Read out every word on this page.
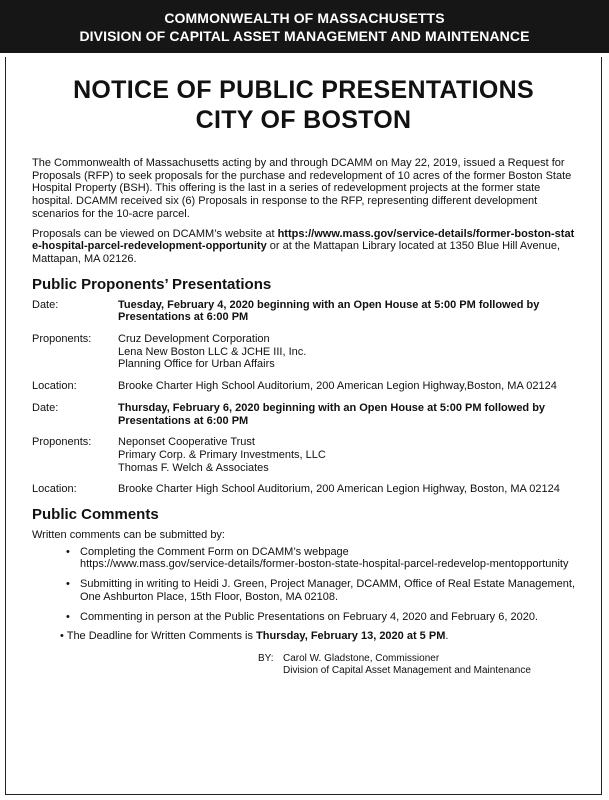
COMMONWEALTH OF MASSACHUSETTS
DIVISION OF CAPITAL ASSET MANAGEMENT AND MAINTENANCE
NOTICE OF PUBLIC PRESENTATIONS
CITY OF BOSTON

The Commonwealth of Massachusetts acting by and through DCAMM on May 22, 2019, issued a Request for Proposals (RFP) to seek proposals for the purchase and redevelopment of 10 acres of the former Boston State Hospital Property (BSH). This offering is the last in a series of redevelopment projects at the former state hospital. DCAMM received six (6) Proposals in response to the RFP, representing different development scenarios for the 10-acre parcel.

Proposals can be viewed on DCAMM’s website at https://www.mass.gov/service-details/former-boston-state-hospital-parcel-redevelopment-opportunity or at the Mattapan Library located at 1350 Blue Hill Avenue, Mattapan, MA 02126.

Public Proponents’ Presentations
Date:	Tuesday, February 4, 2020 beginning with an Open House at 5:00 PM followed by Presentations at 6:00 PM
Proponents:	Cruz Development Corporation
Lena New Boston LLC & JCHE III, Inc.
Planning Office for Urban Affairs
Location:	Brooke Charter High School Auditorium, 200 American Legion Highway,Boston, MA 02124
Date:	Thursday, February 6, 2020 beginning with an Open House at 5:00 PM followed by Presentations at 6:00 PM
Proponents:	Neponset Cooperative Trust
Primary Corp. & Primary Investments, LLC
Thomas F. Welch & Associates
Location:	Brooke Charter High School Auditorium, 200 American Legion Highway, Boston, MA 02124
Public Comments

Written comments can be submitted by:

• Completing the Comment Form on DCAMM’s webpage
https://www.mass.gov/service-details/former-boston-state-hospital-parcel-redevelop-mentopportunity
• Submitting in writing to Heidi J. Green, Project Manager, DCAMM, Office of Real Estate Management, One Ashburton Place, 15th Floor, Boston, MA 02108.
• Commenting in person at the Public Presentations on February 4, 2020 and February 6, 2020.

• The Deadline for Written Comments is Thursday, February 13, 2020 at 5 PM.

BY: Carol W. Gladstone, Commissioner
Division of Capital Asset Management and Maintenance
